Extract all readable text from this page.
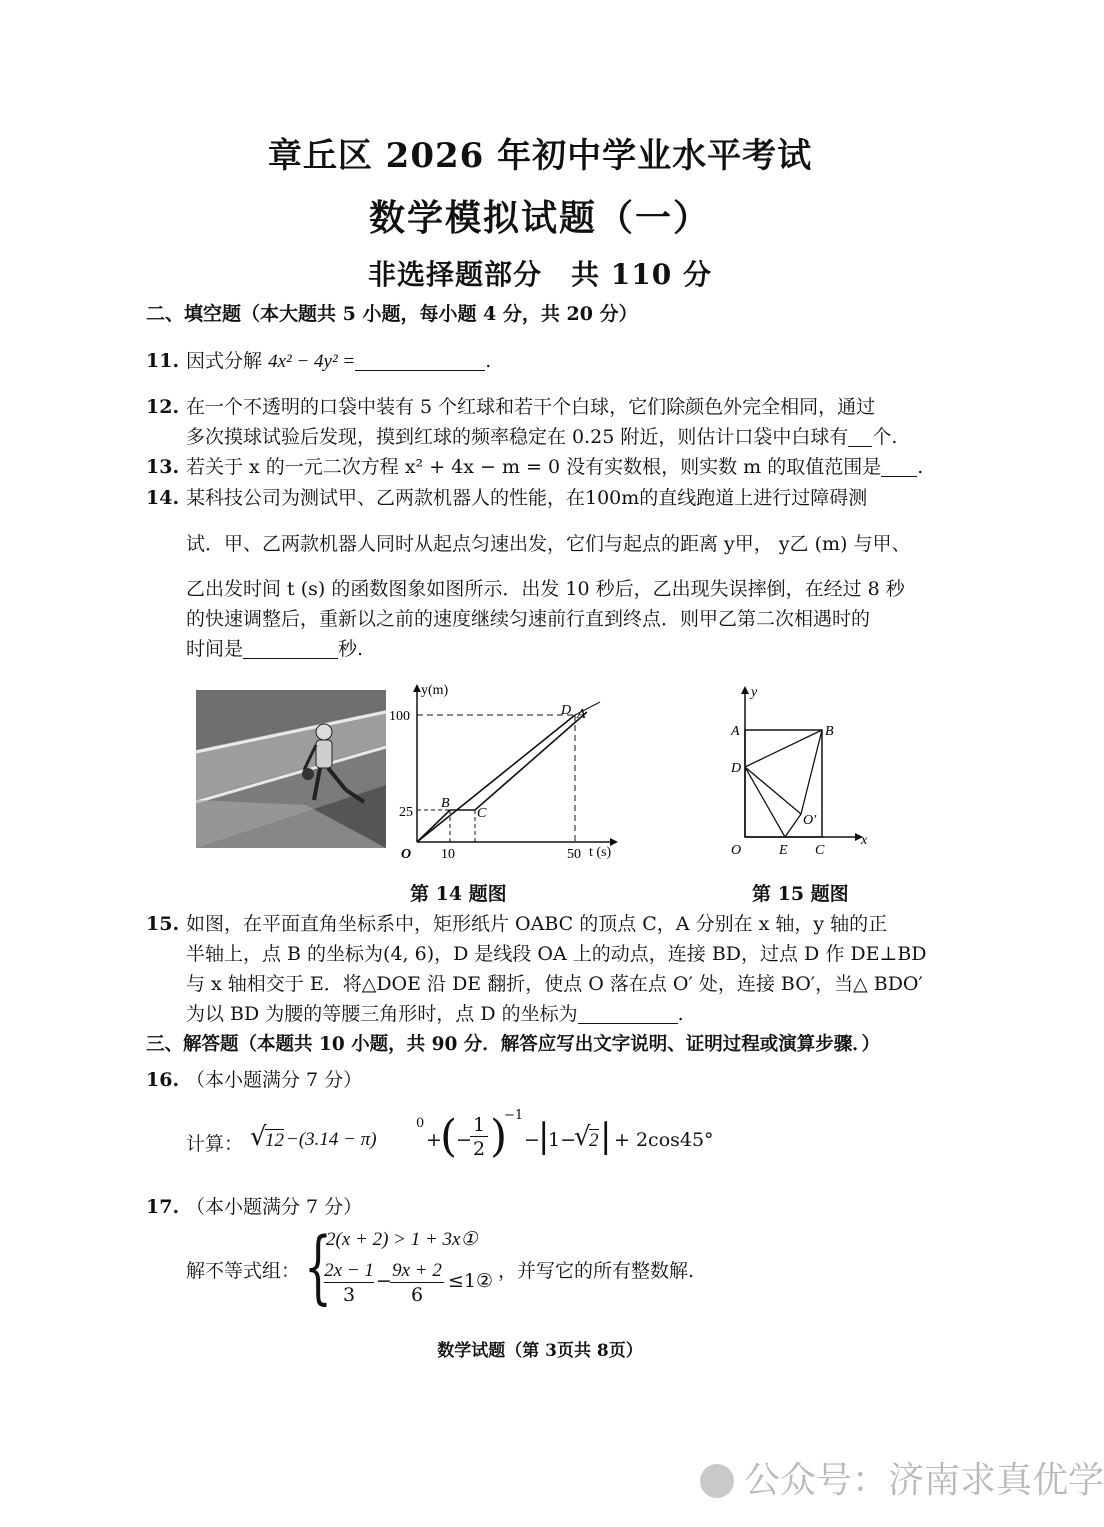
章丘区 2026 年初中学业水平考试
数学模拟试题（一）
非选择题部分　共 110 分
二、填空题（本大题共 5 小题，每小题 4 分，共 20 分）
11. 因式分解 4x² − 4y² =	.
12. 在一个不透明的口袋中装有 5 个红球和若干个白球，它们除颜色外完全相同，通过
多次摸球试验后发现，摸到红球的频率稳定在 0.25 附近，则估计口袋中白球有 个.
13. 若关于 x 的一元二次方程 x² + 4x − m = 0 没有实数根，则实数 m 的取值范围是 .
14. 某科技公司为测试甲、乙两款机器人的性能，在100m的直线跑道上进行过障碍测
试．甲、乙两款机器人同时从起点匀速出发，它们与起点的距离 y甲， y乙 (m) 与甲、
乙出发时间 t (s) 的函数图象如图所示．出发 10 秒后，乙出现失误摔倒，在经过 8 秒
的快速调整后，重新以之前的速度继续匀速前行直到终点．则甲乙第二次相遇时的
时间是	秒.
y(m)
100
25
O 10	50 t (s)
A
D
B
C
y
x
A	B
D
O
O′
E C
第 14 题图	第 15 题图
15. 如图，在平面直角坐标系中，矩形纸片 OABC 的顶点 C，A 分别在 x 轴，y 轴的正
半轴上，点 B 的坐标为(4, 6)，D 是线段 OA 上的动点，连接 BD，过点 D 作 DE⊥BD
与 x 轴相交于 E．将△DOE 沿 DE 翻折，使点 O 落在点 O′ 处，连接 BO′，当△ BDO′
为以 BD 为腰的等腰三角形时，点 D 的坐标为	.
三、解答题（本题共 10 小题，共 90 分．解答应写出文字说明、证明过程或演算步骤．）
16. （本小题满分 7 分）
计算： √
12 −(3.14 − π)
0
+
(
−
$\frac{1}{2}$ )
−1
−
|
1−
√
2 | + 2cos45°
17. （本小题满分 7 分）
解不等式组： {
2(x + 2) > 1 + 3x①
$\frac{2x - 1}{3}$ −
$\frac{9x + 2}{6}$ ≤1② ，并写它的所有整数解.
数学试题（第 3页共 8页）
公众号：济南求真优学
